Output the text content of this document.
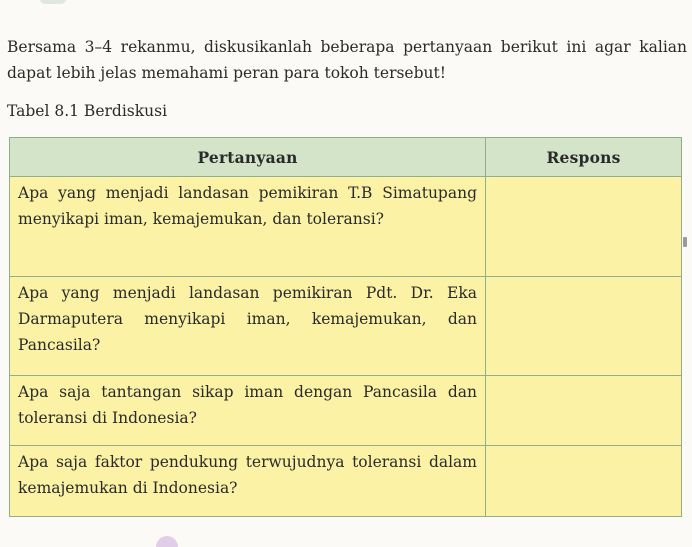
Bersama 3–4 rekanmu, diskusikanlah beberapa pertanyaan berikut ini agar kalian dapat lebih jelas memahami peran para tokoh tersebut!

Tabel 8.1 Berdiskusi

Pertanyaan	Respons
Apa yang menjadi landasan pemikiran T.B Simatupang menyikapi iman, kemajemukan, dan toleransi?	
Apa yang menjadi landasan pemikiran Pdt. Dr. Eka Darmaputera menyikapi iman, kemajemukan, dan Pancasila?	
Apa saja tantangan sikap iman dengan Pancasila dan toleransi di Indonesia?	
Apa saja faktor pendukung terwujudnya toleransi dalam kemajemukan di Indonesia?	
